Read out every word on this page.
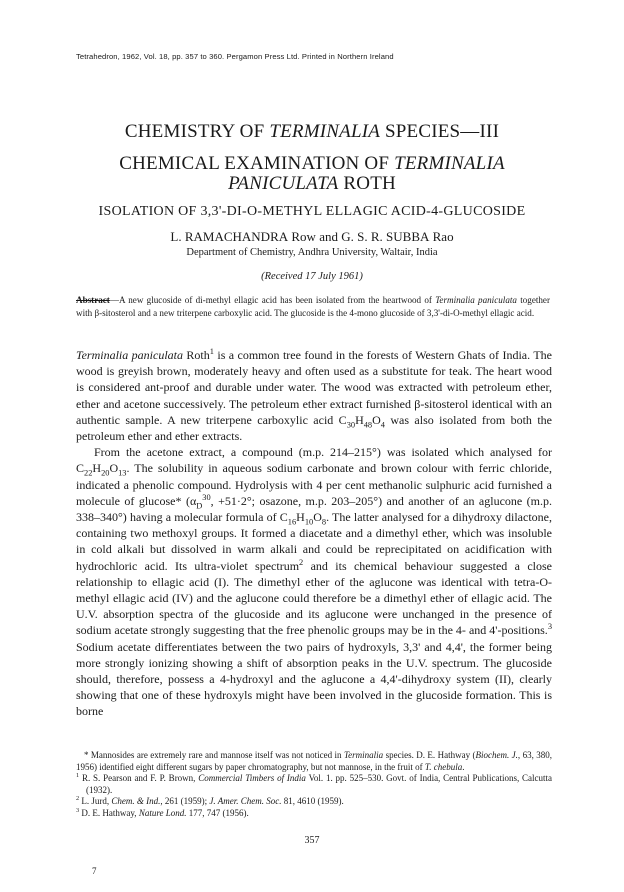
Tetrahedron, 1962, Vol. 18, pp. 357 to 360. Pergamon Press Ltd. Printed in Northern Ireland
CHEMISTRY OF TERMINALIA SPECIES—III
CHEMICAL EXAMINATION OF TERMINALIA
PANICULATA ROTH
ISOLATION OF 3,3'-DI-O-METHYL ELLAGIC ACID-4-GLUCOSIDE
L. RAMACHANDRA Row and G. S. R. SUBBA Rao
Department of Chemistry, Andhra University, Waltair, India
(Received 17 July 1961)
Abstract—A new glucoside of di-methyl ellagic acid has been isolated from the heartwood of Terminalia paniculata together with β-sitosterol and a new triterpene carboxylic acid. The glucoside is the 4-mono glucoside of 3,3'-di-O-methyl ellagic acid.

Terminalia paniculata Roth$^1$ is a common tree found in the forests of Western Ghats of India. The wood is greyish brown, moderately heavy and often used as a substitute for teak. The heart wood is considered ant-proof and durable under water. The wood was extracted with petroleum ether, ether and acetone successively. The petroleum ether extract furnished β-sitosterol identical with an authentic sample. A new triterpene carboxylic acid $C_{30}H_{48}O_4$ was also isolated from both the petroleum ether and ether extracts.

From the acetone extract, a compound (m.p. 214–215°) was isolated which analysed for $C_{22}H_{20}O_{13}$. The solubility in aqueous sodium carbonate and brown colour with ferric chloride, indicated a phenolic compound. Hydrolysis with 4 per cent methanolic sulphuric acid furnished a molecule of glucose* ($\alpha_D^{30}$, +51·2°; osazone, m.p. 203–205°) and another of an aglucone (m.p. 338–340°) having a molecular formula of $C_{16}H_{10}O_8$. The latter analysed for a dihydroxy dilactone, containing two methoxyl groups. It formed a diacetate and a dimethyl ether, which was insoluble in cold alkali but dissolved in warm alkali and could be reprecipitated on acidification with hydrochloric acid. Its ultra-violet spectrum$^2$ and its chemical behaviour suggested a close relationship to ellagic acid (I). The dimethyl ether of the aglucone was identical with tetra-O-methyl ellagic acid (IV) and the aglucone could therefore be a dimethyl ether of ellagic acid. The U.V. absorption spectra of the glucoside and its aglucone were unchanged in the presence of sodium acetate strongly suggesting that the free phenolic groups may be in the 4- and 4'-positions.$^3$ Sodium acetate differentiates between the two pairs of hydroxyls, 3,3' and 4,4', the former being more strongly ionizing showing a shift of absorption peaks in the U.V. spectrum. The glucoside should, therefore, possess a 4-hydroxyl and the aglucone a 4,4'-dihydroxy system (II), clearly showing that one of these hydroxyls might have been involved in the glucoside formation. This is borne

* Mannosides are extremely rare and mannose itself was not noticed in Terminalia species. D. E. Hathway (Biochem. J., 63, 380, 1956) identified eight different sugars by paper chromatography, but not mannose, in the fruit of T. chebula.

$^1$ R. S. Pearson and F. P. Brown, Commercial Timbers of India Vol. 1. pp. 525–530. Govt. of India, Central Publications, Calcutta (1932).

$^2$ L. Jurd, Chem. & Ind., 261 (1959); J. Amer. Chem. Soc. 81, 4610 (1959).

$^3$ D. E. Hathway, Nature Lond. 177, 747 (1956).

357
7
